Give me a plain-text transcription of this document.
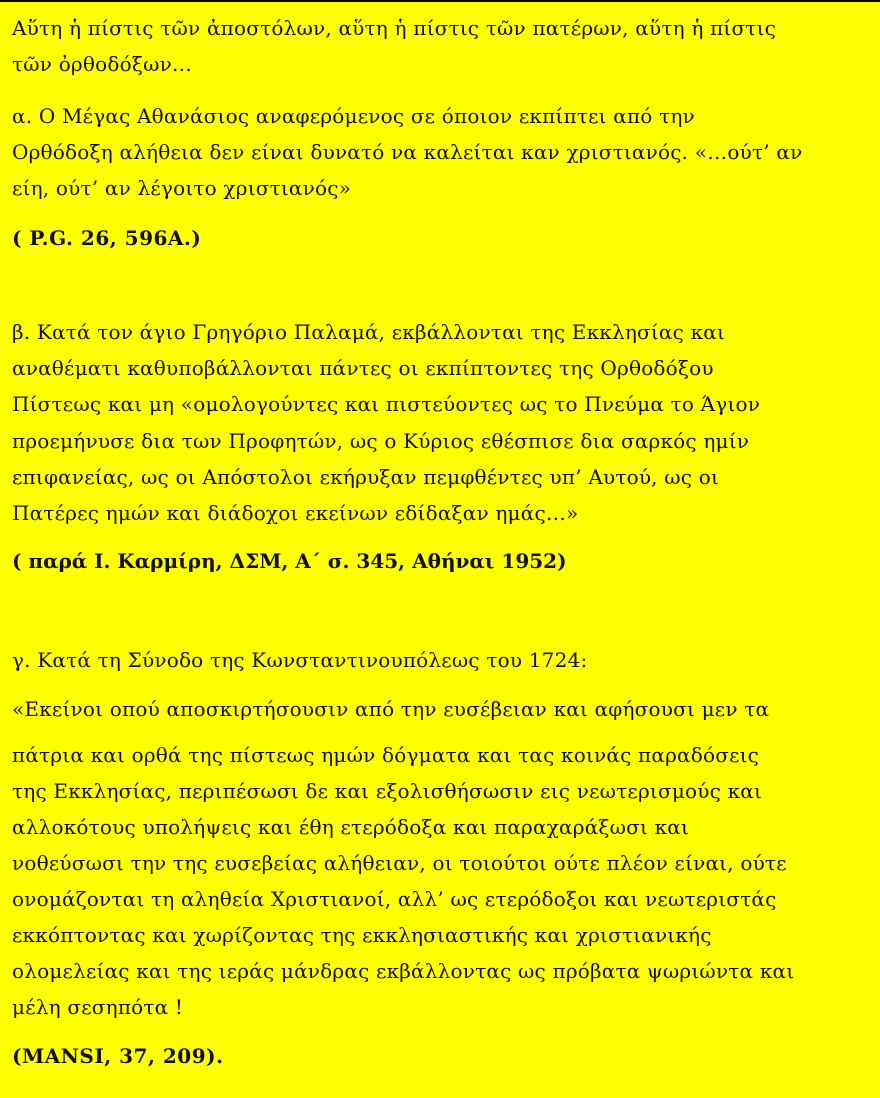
Αὕτη ἡ πίστις τῶν ἀποστόλων, αὕτη ἡ πίστις τῶν πατέρων, αὕτη ἡ πίστις
τῶν ὀρθοδόξων…
α. Ο Μέγας Αθανάσιος αναφερόμενος σε όποιον εκπίπτει από την
Ορθόδοξη αλήθεια δεν είναι δυνατό να καλείται καν χριστιανός. «…ούτ’ αν
είη, ούτ’ αν λέγοιτο χριστιανός»
( P.G. 26, 596A.)
β. Κατά τον άγιο Γρηγόριο Παλαμά, εκβάλλονται της Εκκλησίας και
αναθέματι καθυποβάλλονται πάντες οι εκπίπτοντες της Ορθοδόξου
Πίστεως και μη «ομολογούντες και πιστεύοντες ως το Πνεύμα το Άγιον
προεμήνυσε δια των Προφητών, ως ο Κύριος εθέσπισε δια σαρκός ημίν
επιφανείας, ως οι Απόστολοι εκήρυξαν πεμφθέντες υπ’ Αυτού, ως οι
Πατέρες ημών και διάδοχοι εκείνων εδίδαξαν ημάς…»
( παρά Ι. Καρμίρη, ΔΣΜ, Α΄ σ. 345, Αθήναι 1952)
γ. Κατά τη Σύνοδο της Κωνσταντινουπόλεως του 1724:
«Εκείνοι οπού αποσκιρτήσουσιν από την ευσέβειαν και αφήσουσι μεν τα
πάτρια και ορθά της πίστεως ημών δόγματα και τας κοινάς παραδόσεις
της Εκκλησίας, περιπέσωσι δε και εξολισθήσωσιν εις νεωτερισμούς και
αλλοκότους υπολήψεις και έθη ετερόδοξα και παραχαράξωσι και
νοθεύσωσι την της ευσεβείας αλήθειαν, οι τοιούτοι ούτε πλέον είναι, ούτε
ονομάζονται τη αληθεία Χριστιανοί, αλλ’ ως ετερόδοξοι και νεωτεριστάς
εκκόπτοντας και χωρίζοντας της εκκλησιαστικής και χριστιανικής
ολομελείας και της ιεράς μάνδρας εκβάλλοντας ως πρόβατα ψωριώντα και
μέλη σεσηπότα !
(MANSI, 37, 209).
